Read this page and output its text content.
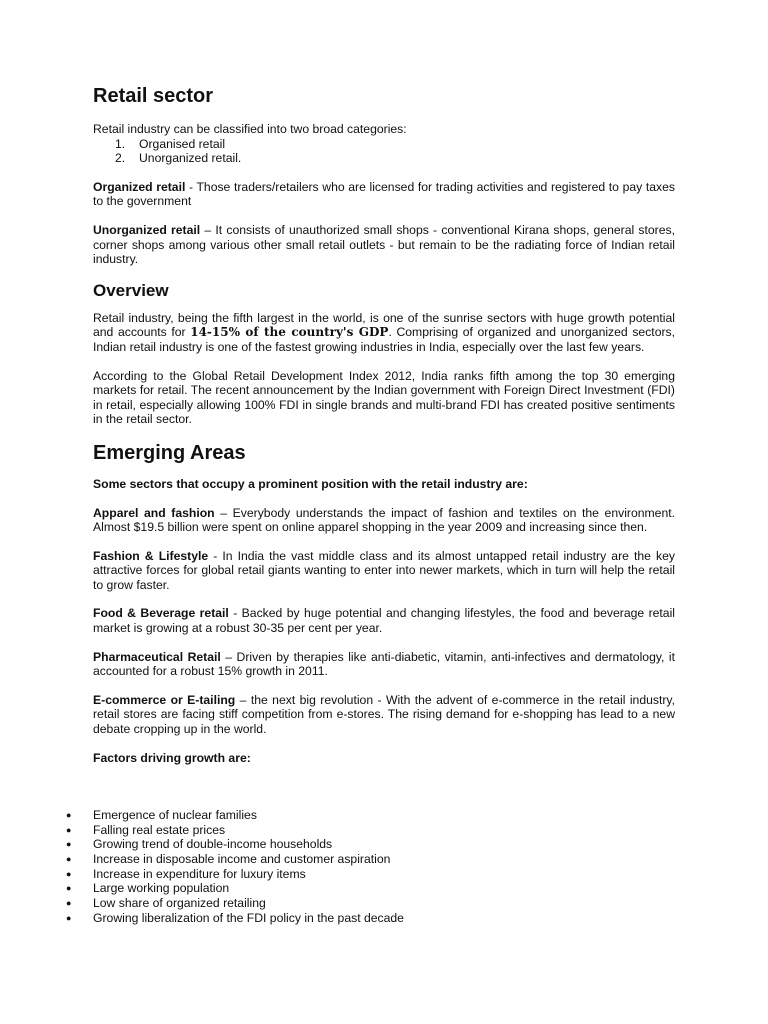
Retail sector
Retail industry can be classified into two broad categories:
1. Organised retail
2. Unorganized retail.

Organized retail - Those traders/retailers who are licensed for trading activities and registered to pay taxes to the government

Unorganized retail – It consists of unauthorized small shops - conventional Kirana shops, general stores, corner shops among various other small retail outlets - but remain to be the radiating force of Indian retail industry.

Overview

Retail industry, being the fifth largest in the world, is one of the sunrise sectors with huge growth potential and accounts for 14-15% of the country's GDP. Comprising of organized and unorganized sectors, Indian retail industry is one of the fastest growing industries in India, especially over the last few years.

According to the Global Retail Development Index 2012, India ranks fifth among the top 30 emerging markets for retail. The recent announcement by the Indian government with Foreign Direct Investment (FDI) in retail, especially allowing 100% FDI in single brands and multi-brand FDI has created positive sentiments in the retail sector.

Emerging Areas

Some sectors that occupy a prominent position with the retail industry are:

Apparel and fashion – Everybody understands the impact of fashion and textiles on the environment. Almost $19.5 billion were spent on online apparel shopping in the year 2009 and increasing since then.

Fashion & Lifestyle - In India the vast middle class and its almost untapped retail industry are the key attractive forces for global retail giants wanting to enter into newer markets, which in turn will help the retail to grow faster.

Food & Beverage retail - Backed by huge potential and changing lifestyles, the food and beverage retail market is growing at a robust 30-35 per cent per year.

Pharmaceutical Retail – Driven by therapies like anti-diabetic, vitamin, anti-infectives and dermatology, it accounted for a robust 15% growth in 2011.

E-commerce or E-tailing – the next big revolution - With the advent of e-commerce in the retail industry, retail stores are facing stiff competition from e-stores. The rising demand for e-shopping has lead to a new debate cropping up in the world.

Factors driving growth are:
● Emergence of nuclear families
● Falling real estate prices
● Growing trend of double-income households
● Increase in disposable income and customer aspiration
● Increase in expenditure for luxury items
● Large working population
● Low share of organized retailing
● Growing liberalization of the FDI policy in the past decade
